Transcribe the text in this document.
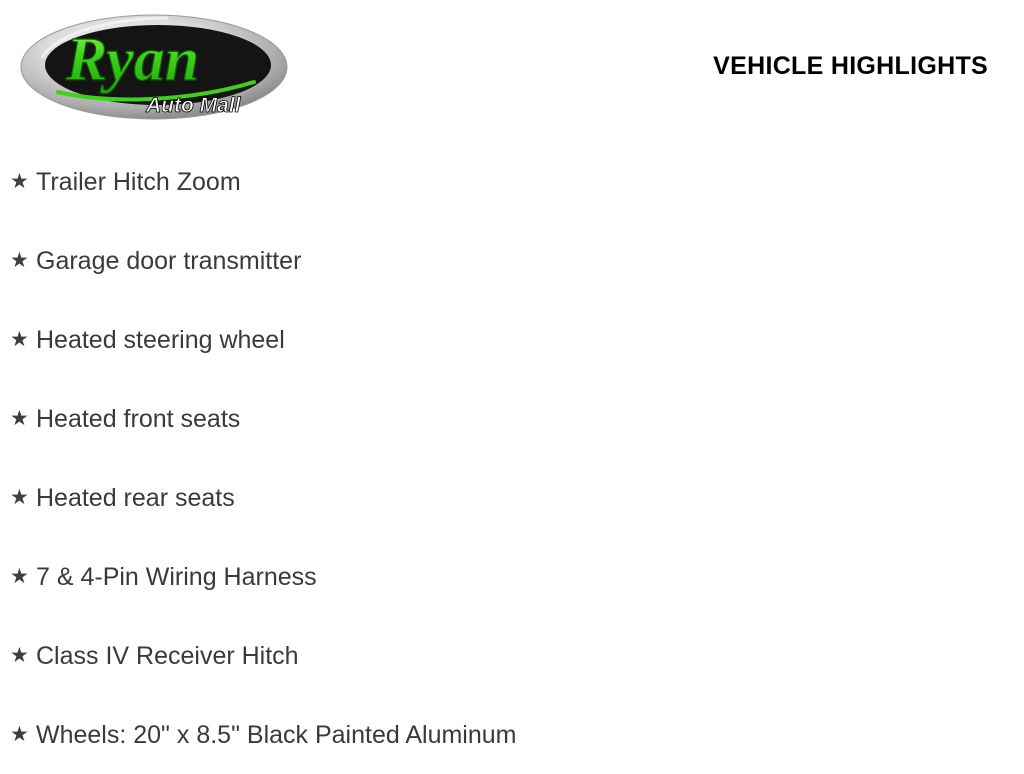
Ryan
Auto Mall
VEHICLE HIGHLIGHTS
★ Trailer Hitch Zoom
★ Garage door transmitter
★ Heated steering wheel
★ Heated front seats
★ Heated rear seats
★ 7 & 4-Pin Wiring Harness
★ Class IV Receiver Hitch
★ Wheels: 20" x 8.5" Black Painted Aluminum
